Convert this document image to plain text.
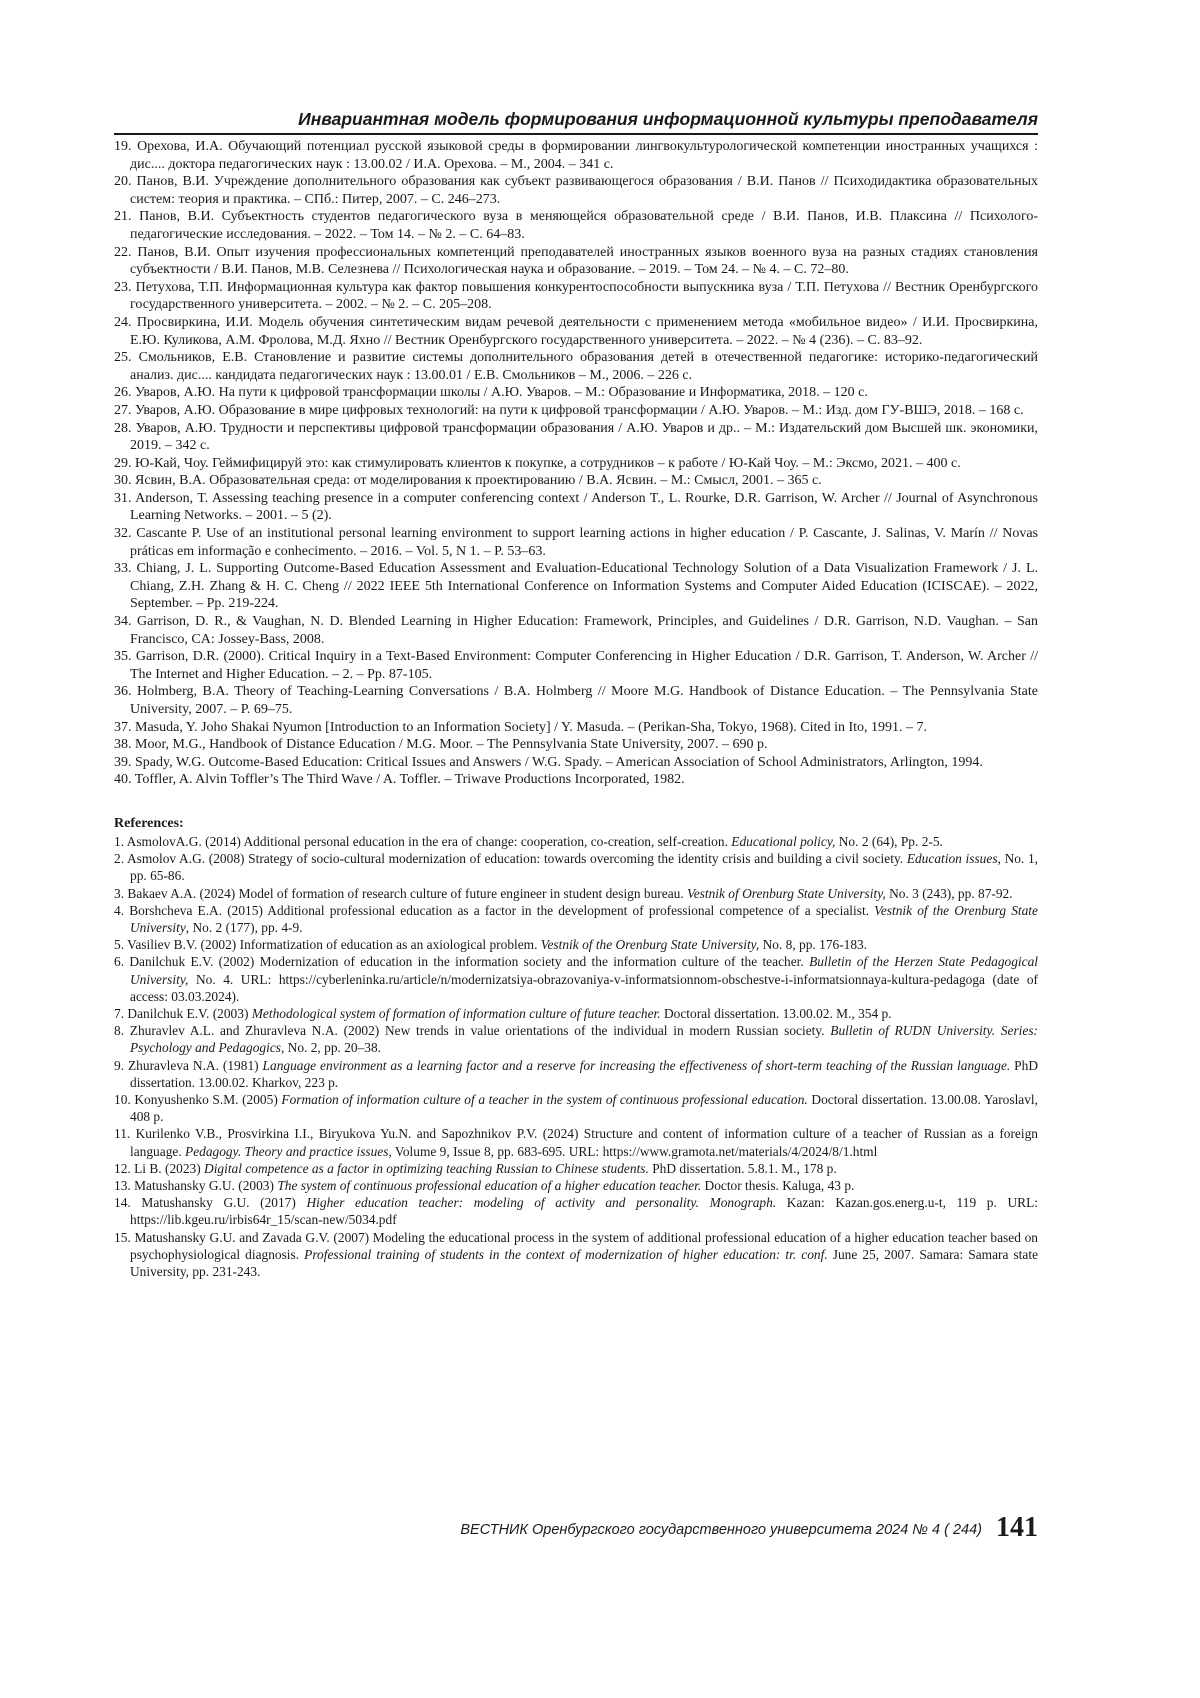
Инвариантная модель формирования информационной культуры преподавателя
19. Орехова, И.А. Обучающий потенциал русской языковой среды в формировании лингвокультурологической компетенции иностранных учащихся : дис.... доктора педагогических наук : 13.00.02 / И.А. Орехова. – М., 2004. – 341 с.
20. Панов, В.И. Учреждение дополнительного образования как субъект развивающегося образования / В.И. Панов // Психодидактика образовательных систем: теория и практика. – СПб.: Питер, 2007. – С. 246–273.
21. Панов, В.И. Субъектность студентов педагогического вуза в меняющейся образовательной среде / В.И. Панов, И.В. Плаксина // Психолого-педагогические исследования. – 2022. – Том 14. – № 2. – С. 64–83.
22. Панов, В.И. Опыт изучения профессиональных компетенций преподавателей иностранных языков военного вуза на разных стадиях становления субъектности / В.И. Панов, М.В. Селезнева // Психологическая наука и образование. – 2019. – Том 24. – № 4. – С. 72–80.
23. Петухова, Т.П. Информационная культура как фактор повышения конкурентоспособности выпускника вуза / Т.П. Петухова // Вестник Оренбургского государственного университета. – 2002. – № 2. – С. 205–208.
24. Просвиркина, И.И. Модель обучения синтетическим видам речевой деятельности с применением метода «мобильное видео» / И.И. Просвиркина, Е.Ю. Куликова, А.М. Фролова, М.Д. Яхно // Вестник Оренбургского государственного университета. – 2022. – № 4 (236). – С. 83–92.
25. Смольников, Е.В. Становление и развитие системы дополнительного образования детей в отечественной педагогике: историко-педагогический анализ. дис.... кандидата педагогических наук : 13.00.01 / Е.В. Смольников – М., 2006. – 226 с.
26. Уваров, А.Ю. На пути к цифровой трансформации школы / А.Ю. Уваров. – М.: Образование и Информатика, 2018. – 120 с.
27. Уваров, А.Ю. Образование в мире цифровых технологий: на пути к цифровой трансформации / А.Ю. Уваров. – М.: Изд. дом ГУ-ВШЭ, 2018. – 168 с.
28. Уваров, А.Ю. Трудности и перспективы цифровой трансформации образования / А.Ю. Уваров и др.. – М.: Издательский дом Высшей шк. экономики, 2019. – 342 с.
29. Ю-Кай, Чоу. Геймифицируй это: как стимулировать клиентов к покупке, а сотрудников – к работе / Ю-Кай Чоу. – М.: Эксмо, 2021. – 400 с.
30. Ясвин, В.А. Образовательная среда: от моделирования к проектированию / В.А. Ясвин. – М.: Смысл, 2001. – 365 с.
31. Anderson, T. Assessing teaching presence in a computer conferencing context / Anderson T., L. Rourke, D.R. Garrison, W. Archer // Journal of Asynchronous Learning Networks. – 2001. – 5 (2).
32. Cascante P. Use of an institutional personal learning environment to support learning actions in higher education / P. Cascante, J. Salinas, V. Marín // Novas práticas em informação e conhecimento. – 2016. – Vol. 5, N 1. – P. 53–63.
33. Chiang, J. L. Supporting Outcome-Based Education Assessment and Evaluation-Educational Technology Solution of a Data Visualization Framework / J. L. Chiang, Z.H. Zhang & H. C. Cheng // 2022 IEEE 5th International Conference on Information Systems and Computer Aided Education (ICISCAE). – 2022, September. – Pp. 219-224.
34. Garrison, D. R., & Vaughan, N. D. Blended Learning in Higher Education: Framework, Principles, and Guidelines / D.R. Garrison, N.D. Vaughan. – San Francisco, CA: Jossey-Bass, 2008.
35. Garrison, D.R. (2000). Critical Inquiry in a Text-Based Environment: Computer Conferencing in Higher Education / D.R. Garrison, T. Anderson, W. Archer // The Internet and Higher Education. – 2. – Pp. 87-105.
36. Holmberg, B.A. Theory of Teaching-Learning Conversations / B.A. Holmberg // Moore M.G. Handbook of Distance Education. – The Pennsylvania State University, 2007. – P. 69–75.
37. Masuda, Y. Joho Shakai Nyumon [Introduction to an Information Society] / Y. Masuda. – (Perikan-Sha, Tokyo, 1968). Cited in Ito, 1991. – 7.
38. Moor, M.G., Handbook of Distance Education / M.G. Moor. – The Pennsylvania State University, 2007. – 690 p.
39. Spady, W.G. Outcome-Based Education: Critical Issues and Answers / W.G. Spady. – American Association of School Administrators, Arlington, 1994.
40. Toffler, A. Alvin Toffler’s The Third Wave / A. Toffler. – Triwave Productions Incorporated, 1982.
References:
1. AsmolovA.G. (2014) Additional personal education in the era of change: cooperation, co-creation, self-creation. Educational policy, No. 2 (64), Pp. 2-5.
2. Asmolov A.G. (2008) Strategy of socio-cultural modernization of education: towards overcoming the identity crisis and building a civil society. Education issues, No. 1, pp. 65-86.
3. Bakaev A.A. (2024) Model of formation of research culture of future engineer in student design bureau. Vestnik of Orenburg State University, No. 3 (243), pp. 87-92.
4. Borshcheva E.A. (2015) Additional professional education as a factor in the development of professional competence of a specialist. Vestnik of the Orenburg State University, No. 2 (177), pp. 4-9.
5. Vasiliev B.V. (2002) Informatization of education as an axiological problem. Vestnik of the Orenburg State University, No. 8, pp. 176-183.
6. Danilchuk E.V. (2002) Modernization of education in the information society and the information culture of the teacher. Bulletin of the Herzen State Pedagogical University, No. 4. URL: https://cyberleninka.ru/article/n/modernizatsiya-obrazovaniya-v-informatsionnom-obschestve-i-informatsionnaya-kultura-pedagoga (date of access: 03.03.2024).
7. Danilchuk E.V. (2003) Methodological system of formation of information culture of future teacher. Doctoral dissertation. 13.00.02. M., 354 p.
8. Zhuravlev A.L. and Zhuravleva N.A. (2002) New trends in value orientations of the individual in modern Russian society. Bulletin of RUDN University. Series: Psychology and Pedagogics, No. 2, pp. 20–38.
9. Zhuravleva N.A. (1981) Language environment as a learning factor and a reserve for increasing the effectiveness of short-term teaching of the Russian language. PhD dissertation. 13.00.02. Kharkov, 223 p.
10. Konyushenko S.M. (2005) Formation of information culture of a teacher in the system of continuous professional education. Doctoral dissertation. 13.00.08. Yaroslavl, 408 p.
11. Kurilenko V.B., Prosvirkina I.I., Biryukova Yu.N. and Sapozhnikov P.V. (2024) Structure and content of information culture of a teacher of Russian as a foreign language. Pedagogy. Theory and practice issues, Volume 9, Issue 8, pp. 683-695. URL: https://www.gramota.net/materials/4/2024/8/1.html
12. Li B. (2023) Digital competence as a factor in optimizing teaching Russian to Chinese students. PhD dissertation. 5.8.1. M., 178 p.
13. Matushansky G.U. (2003) The system of continuous professional education of a higher education teacher. Doctor thesis. Kaluga, 43 p.
14. Matushansky G.U. (2017) Higher education teacher: modeling of activity and personality. Monograph. Kazan: Kazan.gos.energ.u-t, 119 p. URL: https://lib.kgeu.ru/irbis64r_15/scan-new/5034.pdf
15. Matushansky G.U. and Zavada G.V. (2007) Modeling the educational process in the system of additional professional education of a higher education teacher based on psychophysiological diagnosis. Professional training of students in the context of modernization of higher education: tr. conf. June 25, 2007. Samara: Samara state University, pp. 231-243.
ВЕСТНИК Оренбургского государственного университета 2024 № 4 ( 244) 141
